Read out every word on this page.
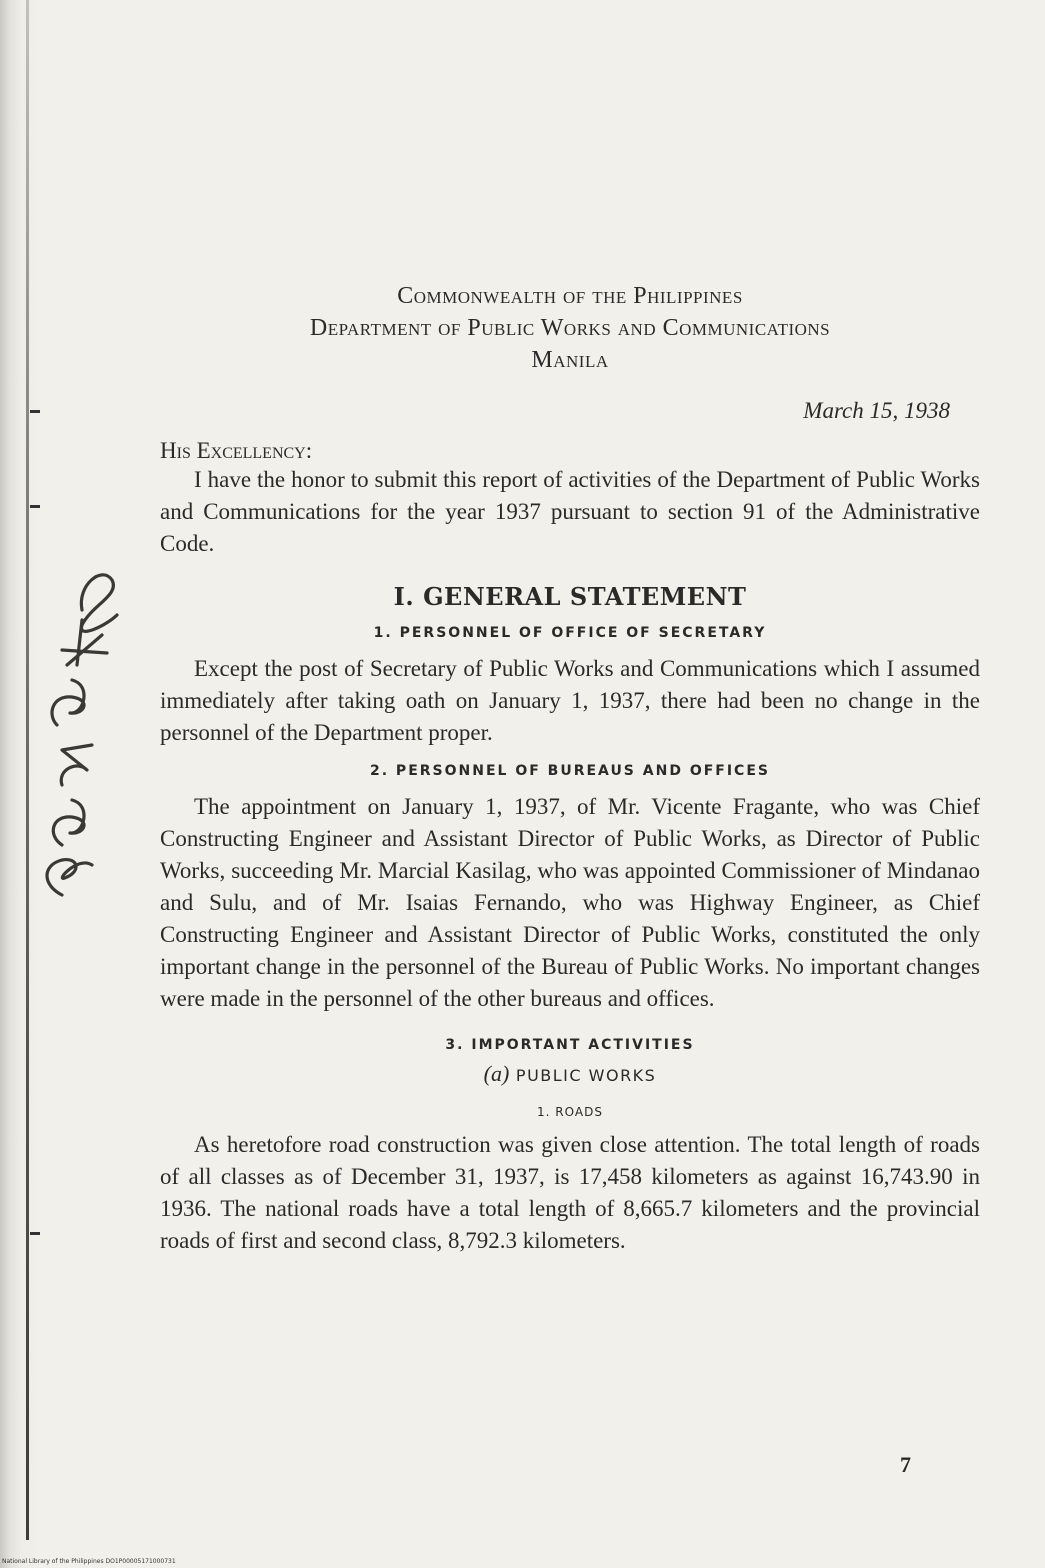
Commonwealth of the Philippines
Department of Public Works and Communications
Manila
March 15, 1938
His Excellency:

I have the honor to submit this report of activities of the Department of Public Works and Communications for the year 1937 pursuant to section 91 of the Administrative Code.

I. GENERAL STATEMENT
1. PERSONNEL OF OFFICE OF SECRETARY

Except the post of Secretary of Public Works and Communications which I assumed immediately after taking oath on January 1, 1937, there had been no change in the personnel of the Department proper.

2. PERSONNEL OF BUREAUS AND OFFICES

The appointment on January 1, 1937, of Mr. Vicente Fragante, who was Chief Constructing Engineer and Assistant Director of Public Works, as Director of Public Works, succeeding Mr. Marcial Kasilag, who was appointed Commissioner of Mindanao and Sulu, and of Mr. Isaias Fernando, who was Highway Engineer, as Chief Constructing Engineer and Assistant Director of Public Works, constituted the only important change in the personnel of the Bureau of Public Works. No important changes were made in the personnel of the other bureaus and offices.

3. IMPORTANT ACTIVITIES
(a) PUBLIC WORKS
1. ROADS

As heretofore road construction was given close attention. The total length of roads of all classes as of December 31, 1937, is 17,458 kilometers as against 16,743.90 in 1936. The national roads have a total length of 8,665.7 kilometers and the provincial roads of first and second class, 8,792.3 kilometers.

7
National Library of the Philippines DO1P00005171000731
